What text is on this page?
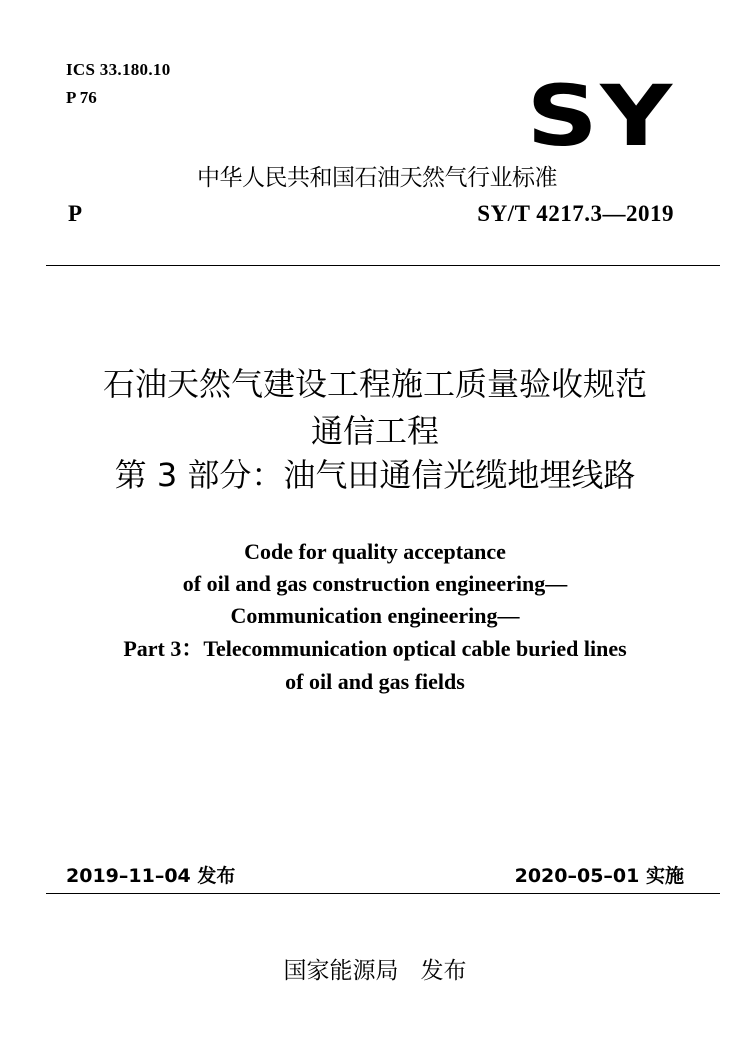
ICS 33.180.10
P 76	SY
中华人民共和国石油天然气行业标准
P	SY/T 4217.3—2019
石油天然气建设工程施工质量验收规范
通信工程
第 3 部分：油气田通信光缆地埋线路
Code for quality acceptance
of oil and gas construction engineering—
Communication engineering—
Part 3：Telecommunication optical cable buried lines
of oil and gas fields
2019–11–04 发布	2020–05–01 实施
国家能源局   发布
